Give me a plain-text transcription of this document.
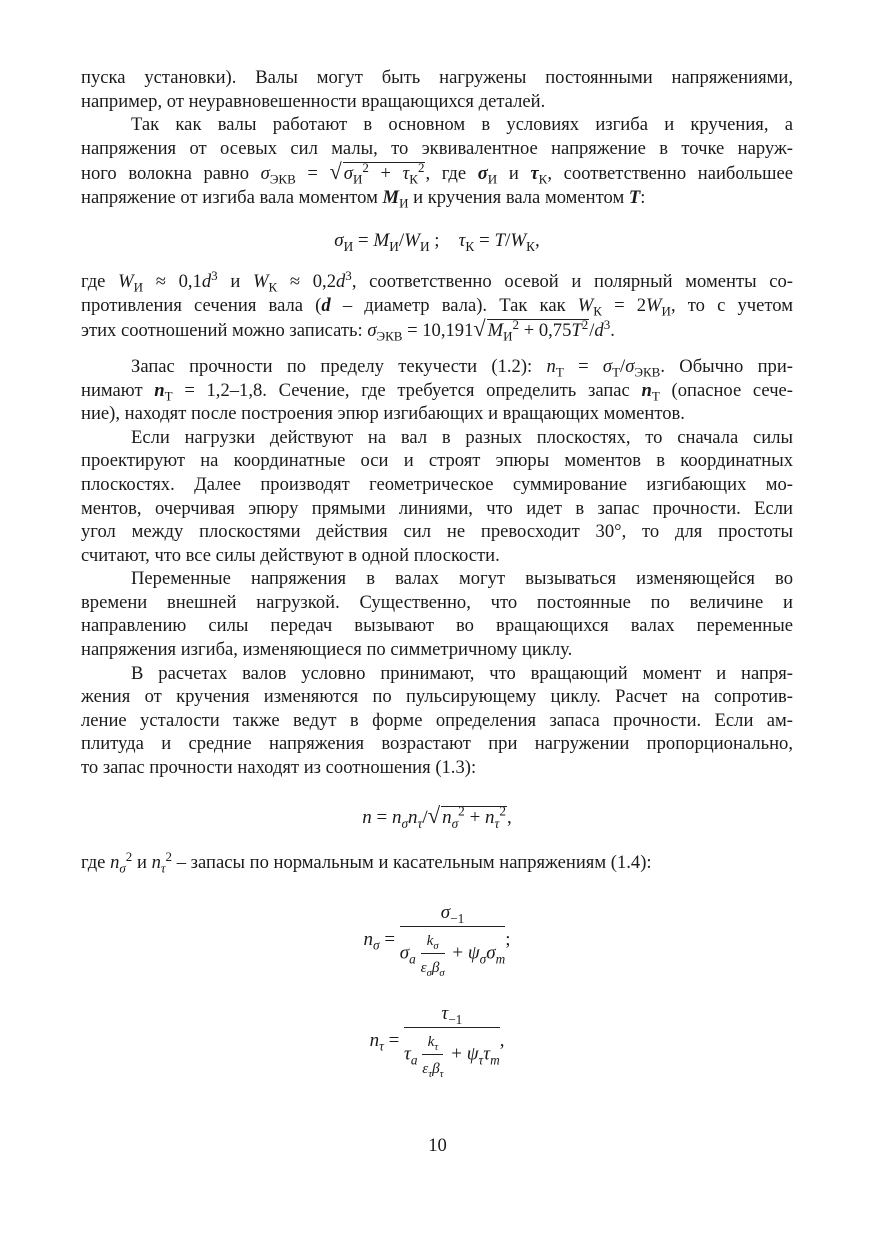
пуска установки). Валы могут быть нагружены постоянными напряжениями,

например, от неуравновешенности вращающихся деталей.

Так как валы работают в основном в условиях изгиба и кручения, а

напряжения от осевых сил малы, то эквивалентное напряжение в точке наруж-

ного волокна равно $\sigma_{ЭКВ}$ = √ $\sigma_И^2 + \tau_К^2$, где $\sigma_И$ и $\tau_К$, соответственно наибольшее

напряжение от изгиба вала моментом $M_И$ и кручения вала моментом T:

$\sigma_И = M_И/W_И$ ; $\tau_К = T/W_К$,

где $W_И \approx 0,1d^3$ и $W_К \approx 0,2d^3$, соответственно осевой и полярный моменты со-

противления сечения вала (d – диаметр вала). Так как $W_К = 2W_И$, то с учетом

этих соотношений можно записать: $\sigma_{ЭКВ} = 10,191√$ $M_И^2 + 0,75T^2/d^3$.

Запас прочности по пределу текучести (1.2): $n_Т = \sigma_Т/\sigma_{ЭКВ}$. Обычно при-

нимают $n_Т = 1,2-1,8$. Сечение, где требуется определить запас $n_Т$ (опасное сече-

ние), находят после построения эпюр изгибающих и вращающих моментов.

Если нагрузки действуют на вал в разных плоскостях, то сначала силы

проектируют на координатные оси и строят эпюры моментов в координатных

плоскостях. Далее производят геометрическое суммирование изгибающих мо-

ментов, очерчивая эпюру прямыми линиями, что идет в запас прочности. Если

угол между плоскостями действия сил не превосходит 30°, то для простоты

считают, что все силы действуют в одной плоскости.

Переменные напряжения в валах могут вызываться изменяющейся во

времени внешней нагрузкой. Существенно, что постоянные по величине и

направлению силы передач вызывают во вращающихся валах переменные

напряжения изгиба, изменяющиеся по симметричному циклу.

В расчетах валов условно принимают, что вращающий момент и напря-

жения от кручения изменяются по пульсирующему циклу. Расчет на сопротив-

ление усталости также ведут в форме определения запаса прочности. Если ам-

плитуда и средние напряжения возрастают при нагружении пропорционально,

то запас прочности находят из соотношения (1.3):

$n = n_\sigma n_\tau/√$ $n_\sigma^2 + n_\tau^2$,

где $n_\sigma^2$ и $n_\tau^2$ – запасы по нормальным и касательным напряжениям (1.4):

$n_\sigma = \frac{\sigma_{-1}}{\sigma_a \frac{k_\sigma}{\varepsilon_\sigma\beta_\sigma} + \psi_\sigma\sigma_m}$ ;
$n_\tau = \frac{\tau_{-1}}{\tau_a \frac{k_\tau}{\varepsilon_\tau\beta_\tau} + \psi_\tau\tau_m}$ ,
10
